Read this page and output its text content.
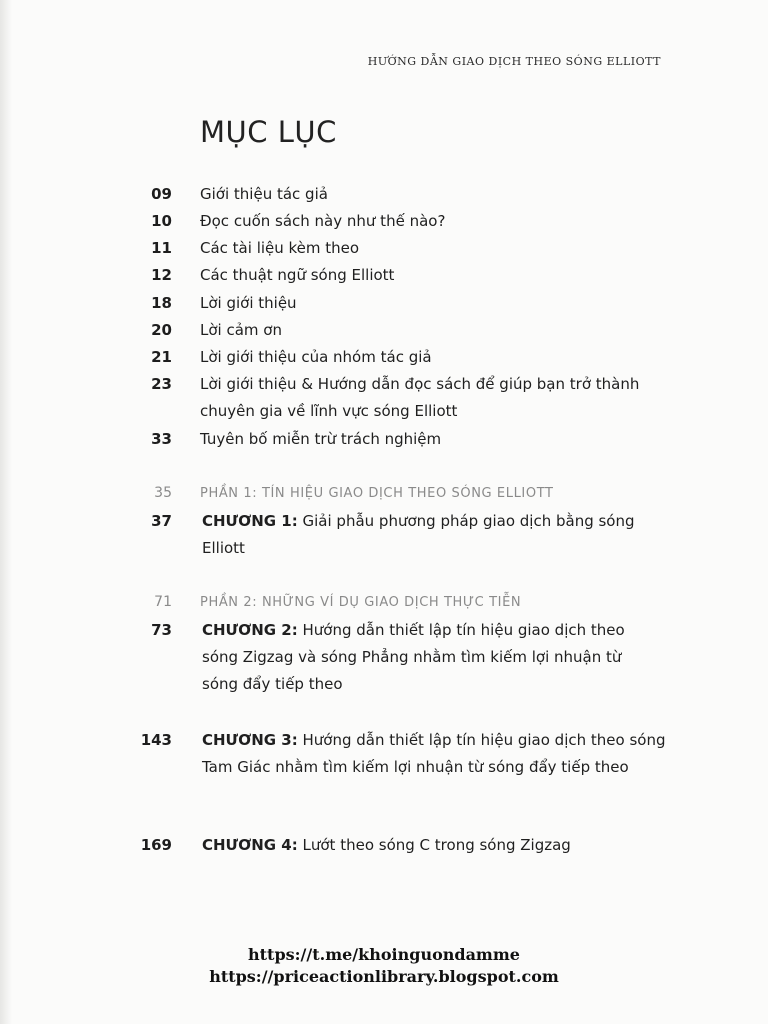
HƯỚNG DẪN GIAO DỊCH THEO SÓNG ELLIOTT
MỤC LỤC
09 Giới thiệu tác giả
10 Đọc cuốn sách này như thế nào?
11 Các tài liệu kèm theo
12 Các thuật ngữ sóng Elliott
18 Lời giới thiệu
20 Lời cảm ơn
21 Lời giới thiệu của nhóm tác giả
23 Lời giới thiệu & Hướng dẫn đọc sách để giúp bạn trở thành chuyên gia về lĩnh vực sóng Elliott
33 Tuyên bố miễn trừ trách nghiệm
35 PHẦN 1: TÍN HIỆU GIAO DỊCH THEO SÓNG ELLIOTT
37 CHƯƠNG 1: Giải phẫu phương pháp giao dịch bằng sóng Elliott
71 PHẦN 2: NHỮNG VÍ DỤ GIAO DỊCH THỰC TIỄN
73 CHƯƠNG 2: Hướng dẫn thiết lập tín hiệu giao dịch theo sóng Zigzag và sóng Phẳng nhằm tìm kiếm lợi nhuận từ sóng đẩy tiếp theo
143 CHƯƠNG 3: Hướng dẫn thiết lập tín hiệu giao dịch theo sóng Tam Giác nhằm tìm kiếm lợi nhuận từ sóng đẩy tiếp theo
169 CHƯƠNG 4: Lướt theo sóng C trong sóng Zigzag
https://t.me/khoinguondamme
https://priceactionlibrary.blogspot.com
